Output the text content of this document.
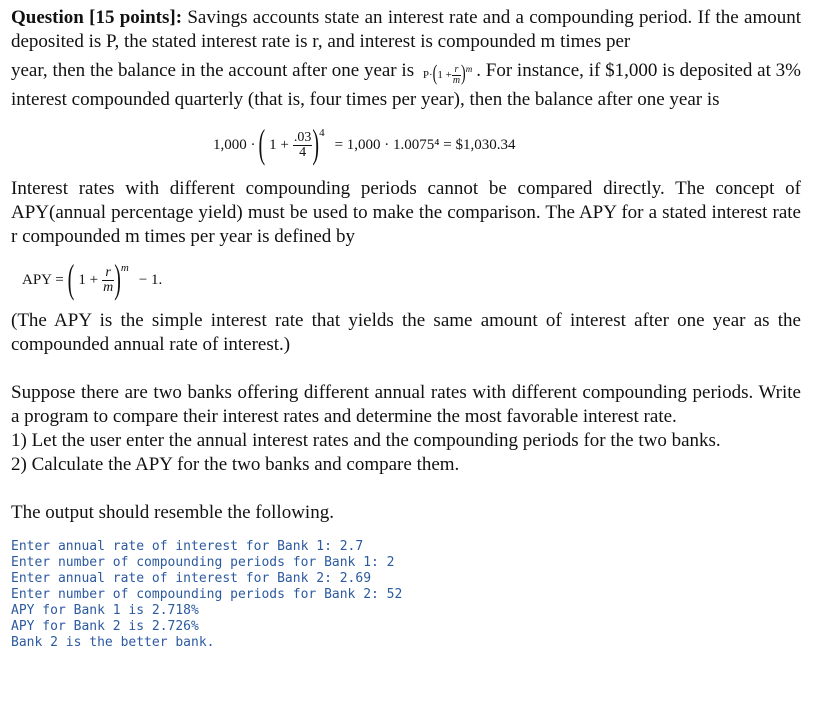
Question [15 points]: Savings accounts state an interest rate and a compounding period. If the amount deposited is P, the stated interest rate is r, and interest is compounded m times per

year, then the balance in the account after one year is P · ( $1 + \frac{r}{m} )^m$ . For instance, if $1,000 is deposited at 3% interest compounded quarterly (that is, four times per year), then the balance after one year is

1,000 · ( $1 + \frac{.03}{4} )^4$
= 1,000 · 1.0075⁴ = $1,030.34

Interest rates with different compounding periods cannot be compared directly. The concept of APY(annual percentage yield) must be used to make the comparison. The APY for a stated interest rate r compounded m times per year is defined by

APY = ( $1 + \frac{r}{m} )^m$
− 1.

(The APY is the simple interest rate that yields the same amount of interest after one year as the compounded annual rate of interest.)

Suppose there are two banks offering different annual rates with different compounding periods. Write a program to compare their interest rates and determine the most favorable interest rate.

1) Let the user enter the annual interest rates and the compounding periods for the two banks.

2) Calculate the APY for the two banks and compare them.

The output should resemble the following.

Enter annual rate of interest for Bank 1: 2.7
Enter number of compounding periods for Bank 1: 2
Enter annual rate of interest for Bank 2: 2.69
Enter number of compounding periods for Bank 2: 52
APY for Bank 1 is 2.718%
APY for Bank 2 is 2.726%
Bank 2 is the better bank.
